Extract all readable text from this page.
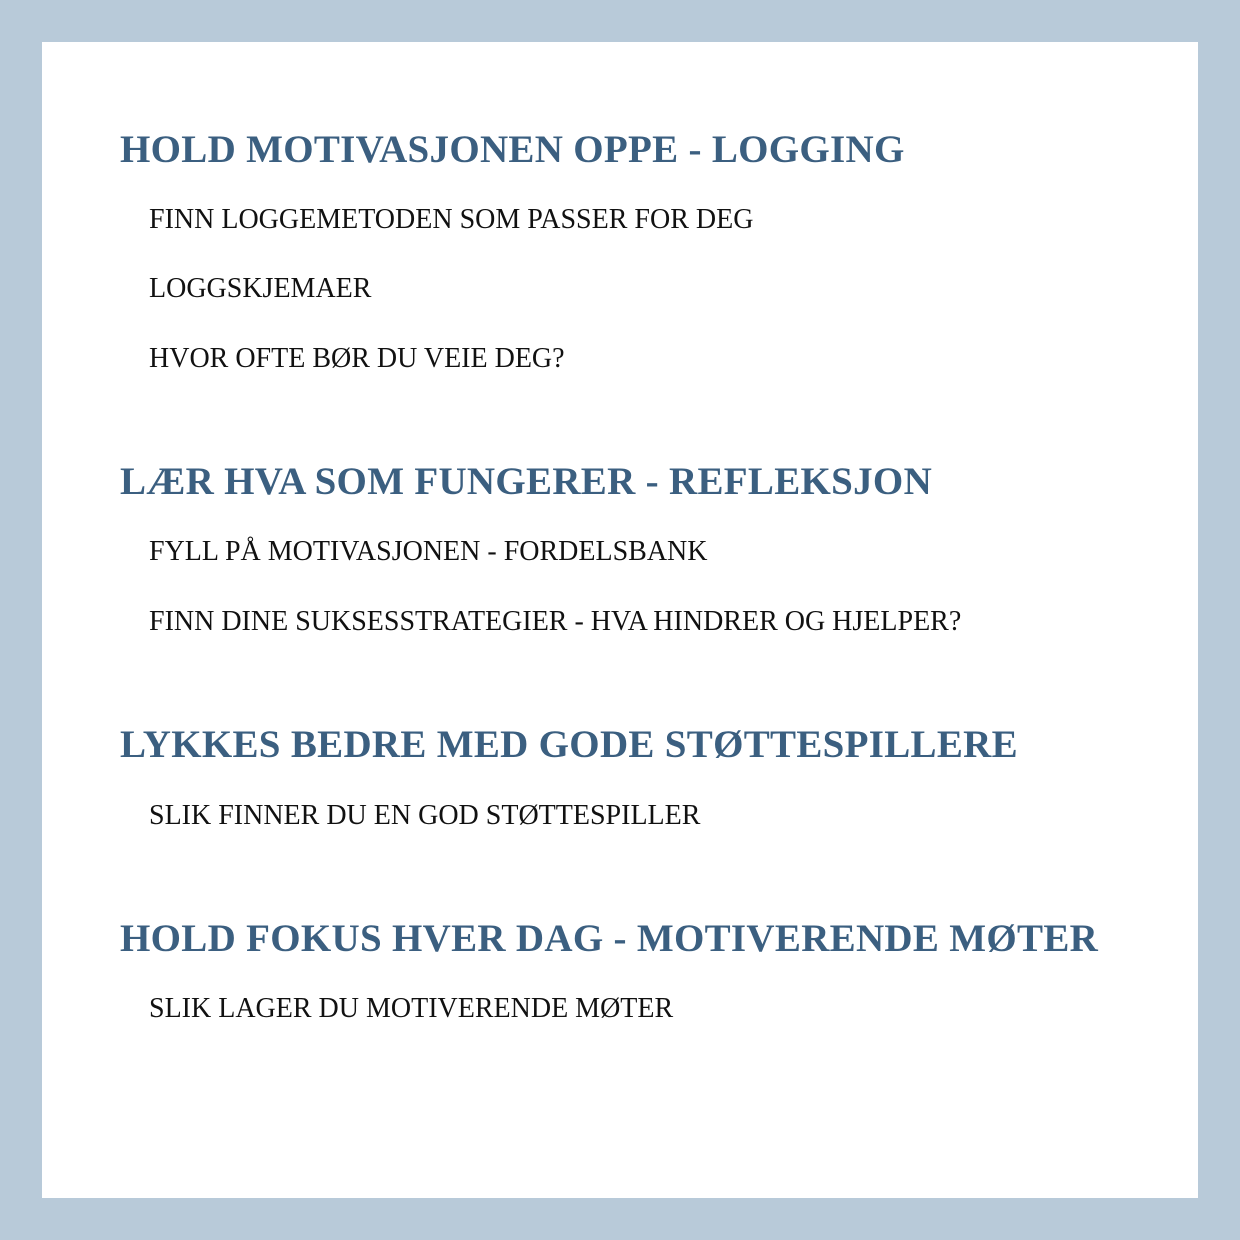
HOLD MOTIVASJONEN OPPE - LOGGING

FINN LOGGEMETODEN SOM PASSER FOR DEG

LOGGSKJEMAER

HVOR OFTE BØR DU VEIE DEG?

LÆR HVA SOM FUNGERER - REFLEKSJON

FYLL PÅ MOTIVASJONEN - FORDELSBANK

FINN DINE SUKSESSTRATEGIER - HVA HINDRER OG HJELPER?

LYKKES BEDRE MED GODE STØTTESPILLERE

SLIK FINNER DU EN GOD STØTTESPILLER

HOLD FOKUS HVER DAG - MOTIVERENDE MØTER

SLIK LAGER DU MOTIVERENDE MØTER
